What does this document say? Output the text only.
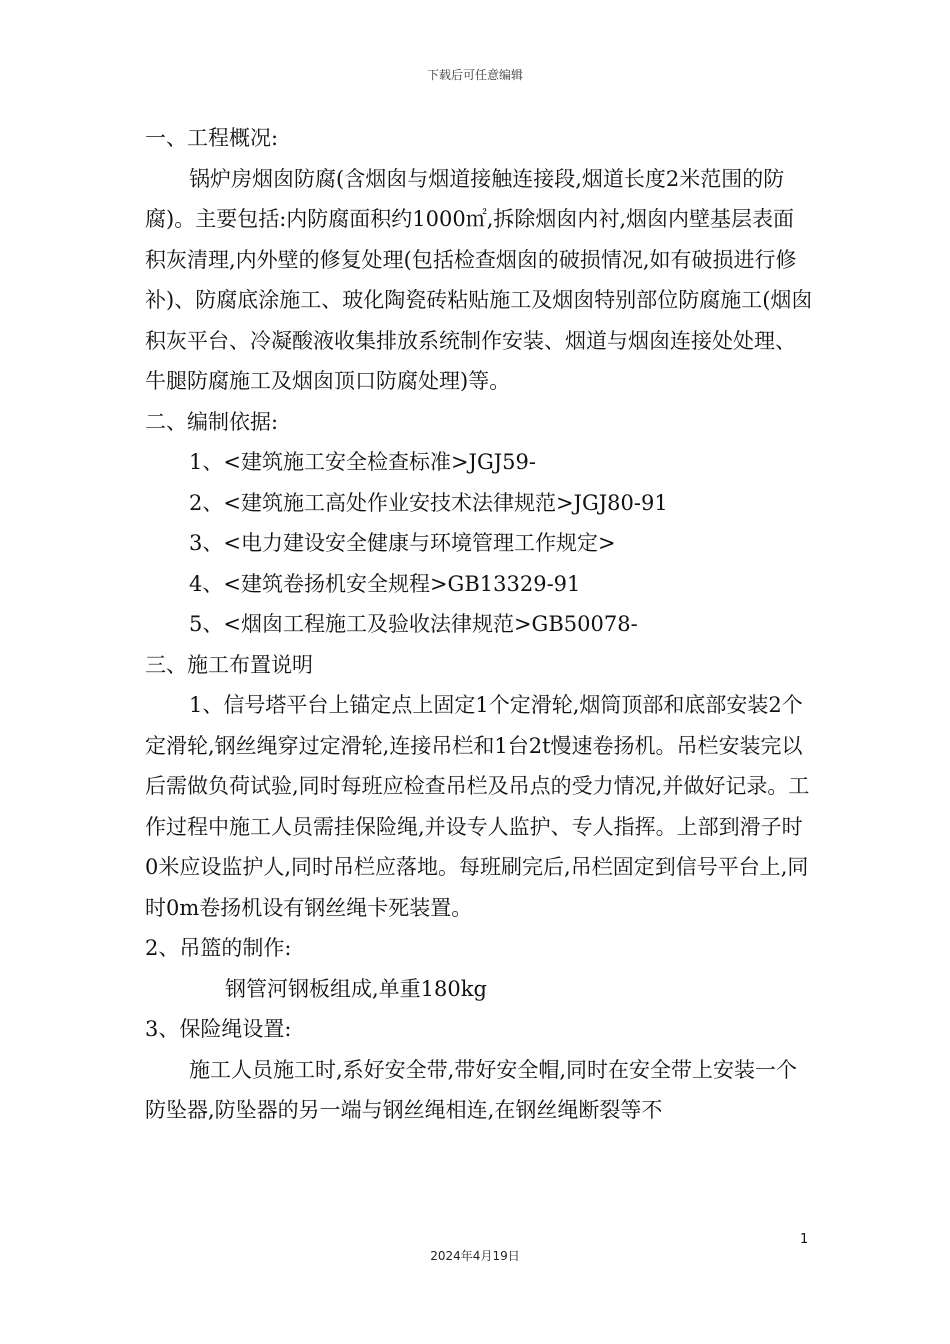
下载后可任意编辑

一、工程概况:

锅炉房烟囱防腐(含烟囱与烟道接触连接段,烟道长度2米范围的防腐)。主要包括:内防腐面积约1000㎡,拆除烟囱内衬,烟囱内壁基层表面积灰清理,内外壁的修复处理(包括检查烟囱的破损情况,如有破损进行修补)、防腐底涂施工、玻化陶瓷砖粘贴施工及烟囱特别部位防腐施工(烟囱积灰平台、冷凝酸液收集排放系统制作安装、烟道与烟囱连接处处理、牛腿防腐施工及烟囱顶口防腐处理)等。

二、编制依据:

1、<建筑施工安全检查标准>JGJ59-

2、<建筑施工高处作业安技术法律规范>JGJ80-91

3、<电力建设安全健康与环境管理工作规定>

4、<建筑卷扬机安全规程>GB13329-91

5、<烟囱工程施工及验收法律规范>GB50078-

三、施工布置说明

1、信号塔平台上锚定点上固定1个定滑轮,烟筒顶部和底部安装2个定滑轮,钢丝绳穿过定滑轮,连接吊栏和1台2t慢速卷扬机。吊栏安装完以后需做负荷试验,同时每班应检查吊栏及吊点的受力情况,并做好记录。工作过程中施工人员需挂保险绳,并设专人监护、专人指挥。上部到滑子时0米应设监护人,同时吊栏应落地。每班刷完后,吊栏固定到信号平台上,同时0m卷扬机设有钢丝绳卡死装置。

2、吊篮的制作:

钢管河钢板组成,单重180kg

3、保险绳设置:

施工人员施工时,系好安全带,带好安全帽,同时在安全带上安装一个防坠器,防坠器的另一端与钢丝绳相连,在钢丝绳断裂等不

1
2024年4月19日
